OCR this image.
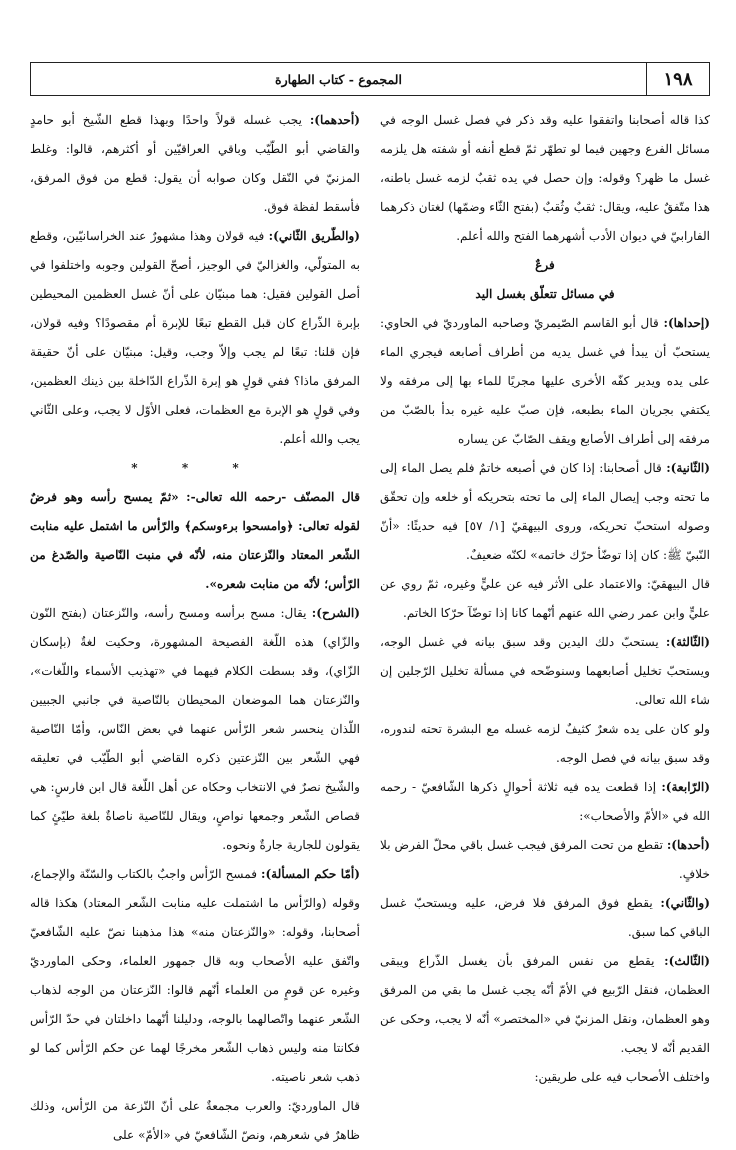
١٩٨
المجموع - كتاب الطهارة

كذا قاله أصحابنا واتفقوا عليه وقد ذكر في فصل غسل الوجه في مسائل الفرع وجهين فيما لو تطهّر ثمّ قطع أنفه أو شفته هل يلزمه غسل ما ظهر؟ وقوله: وإن حصل في يده ثقبٌ لزمه غسل باطنه، هذا متّفقٌ عليه، ويقال: ثقبٌ وثُقبٌ (بفتح الثّاء وضمّها) لغتان ذكرهما الفارابيّ في ديوان الأدب أشهرهما الفتح والله أعلم.

فرعٌ

في مسائل تتعلّق بغسل اليد

(إحداها): قال أبو القاسم الصّيمريّ وصاحبه الماورديّ في الحاوي: يستحبّ أن يبدأ في غسل يديه من أطراف أصابعه فيجري الماء على يده ويدير كفّه الأخرى عليها مجريًا للماء بها إلى مرفقه ولا يكتفي بجريان الماء بطبعه، فإن صبّ عليه غيره بدأ بالصّبّ من مرفقه إلى أطراف الأصابع ويقف الصّابّ عن يساره

(الثّانية): قال أصحابنا: إذا كان في أصبعه خاتمٌ فلم يصل الماء إلى ما تحته وجب إيصال الماء إلى ما تحته بتحريكه أو خلعه وإن تحقّق وصوله استحبّ تحريكه، وروى البيهقيّ [١/ ٥٧] فيه حديثًا: «أنّ النّبيّ ﷺ: كان إذا توضّأ حرّك خاتمه» لكنّه ضعيفٌ.

قال البيهقيّ: والاعتماد على الأثر فيه عن عليٍّ وغيره، ثمّ روي عن عليٍّ وابن عمر رضي الله عنهم أنّهما كانا إذا توضّآ حرّكا الخاتم.

(الثّالثة): يستحبّ دلك اليدين وقد سبق بيانه في غسل الوجه، ويستحبّ تخليل أصابعهما وسنوضّحه في مسألة تخليل الرّجلين إن شاء الله تعالى.

ولو كان على يده شعرٌ كثيفٌ لزمه غسله مع البشرة تحته لندوره، وقد سبق بيانه في فصل الوجه.

(الرّابعة): إذا قطعت يده فيه ثلاثة أحوالٍ ذكرها الشّافعيّ - رحمه الله في «الأمّ والأصحاب»:

(أحدها): تقطع من تحت المرفق فيجب غسل باقي محلّ الفرض بلا خلافٍ.

(والثّاني): يقطع فوق المرفق فلا فرض، عليه ويستحبّ غسل الباقي كما سبق.

(الثّالث): يقطع من نفس المرفق بأن يغسل الذّراع ويبقى العظمان، فنقل الرّبيع في الأمّ أنّه يجب غسل ما بقي من المرفق وهو العظمان، ونقل المزنيّ في «المختصر» أنّه لا يجب، وحكى عن القديم أنّه لا يجب.

واختلف الأصحاب فيه على طريقين:

(أحدهما): يجب غسله قولاً واحدًا وبهذا قطع الشّيخ أبو حامدٍ والقاضي أبو الطّيّب وباقي العراقيّين أو أكثرهم، قالوا: وغلط المزنيّ في النّقل وكان صوابه أن يقول: قطع من فوق المرفق، فأسقط لفظة فوق.

(والطّريق الثّاني): فيه قولان وهذا مشهورٌ عند الخراسانيّين، وقطع به المتولّي، والغزاليّ في الوجيز، أصحّ القولين وجوبه واختلفوا في أصل القولين فقيل: هما مبنيّان على أنّ غسل العظمين المحيطين بإبرة الذّراع كان قبل القطع تبعًا للإبرة أم مقصودًا؟ وفيه قولان، فإن قلنا: تبعًا لم يجب وإلاّ وجب، وقيل: مبنيّان على أنّ حقيقة المرفق ماذا؟ ففي قولٍ هو إبرة الذّراع الدّاخلة بين ذينك العظمين، وفي قولٍ هو الإبرة مع العظمات، فعلى الأوّل لا يجب، وعلى الثّاني يجب والله أعلم.

* * *

قال المصنّف -رحمه الله تعالى-: «ثمّ يمسح رأسه وهو فرضٌ لقوله تعالى: ﴿وامسحوا برءوسكم﴾ والرّأس ما اشتمل عليه منابت الشّعر المعتاد والنّزعتان منه، لأنّه في منبت النّاصية والصّدغ من الرّأس؛ لأنّه من منابت شعره».

(الشرح): يقال: مسح برأسه ومسح رأسه، والنّزعتان (بفتح النّون والزّاي) هذه اللّغة الفصيحة المشهورة، وحكيت لغةٌ (بإسكان الزّاي)، وقد بسطت الكلام فيهما في «تهذيب الأسماء واللّغات»، والنّزعتان هما الموضعان المحيطان بالنّاصية في جانبي الجبيين اللّذان ينحسر شعر الرّأس عنهما في بعض النّاس، وأمّا النّاصية فهي الشّعر بين النّزعتين ذكره القاضي أبو الطّيّب في تعليقه والشّيخ نصرٌ في الانتخاب وحكاه عن أهل اللّغة قال ابن فارسٍ: هي قصاص الشّعر وجمعها نواصٍ، ويقال للنّاصية ناصاةٌ بلغة طيّئٍ كما يقولون للجارية جارةٌ ونحوه.

(أمّا حكم المسألة): فمسح الرّأس واجبٌ بالكتاب والسّنّة والإجماع، وقوله (والرّأس ما اشتملت عليه منابت الشّعر المعتاد) هكذا قاله أصحابنا، وقوله: «والنّزعتان منه» هذا مذهبنا نصّ عليه الشّافعيّ واتّفق عليه الأصحاب وبه قال جمهور العلماء، وحكى الماورديّ وغيره عن قومٍ من العلماء أنّهم قالوا: النّزعتان من الوجه لذهاب الشّعر عنهما واتّصالهما بالوجه، ودليلنا أنّهما داخلتان في حدّ الرّأس فكانتا منه وليس ذهاب الشّعر مخرجًا لهما عن حكم الرّأس كما لو ذهب شعر ناصيته.

قال الماورديّ: والعرب مجمعةٌ على أنّ النّزعة من الرّأس، وذلك ظاهرٌ في شعرهم، ونصّ الشّافعيّ في «الأمّ» على
